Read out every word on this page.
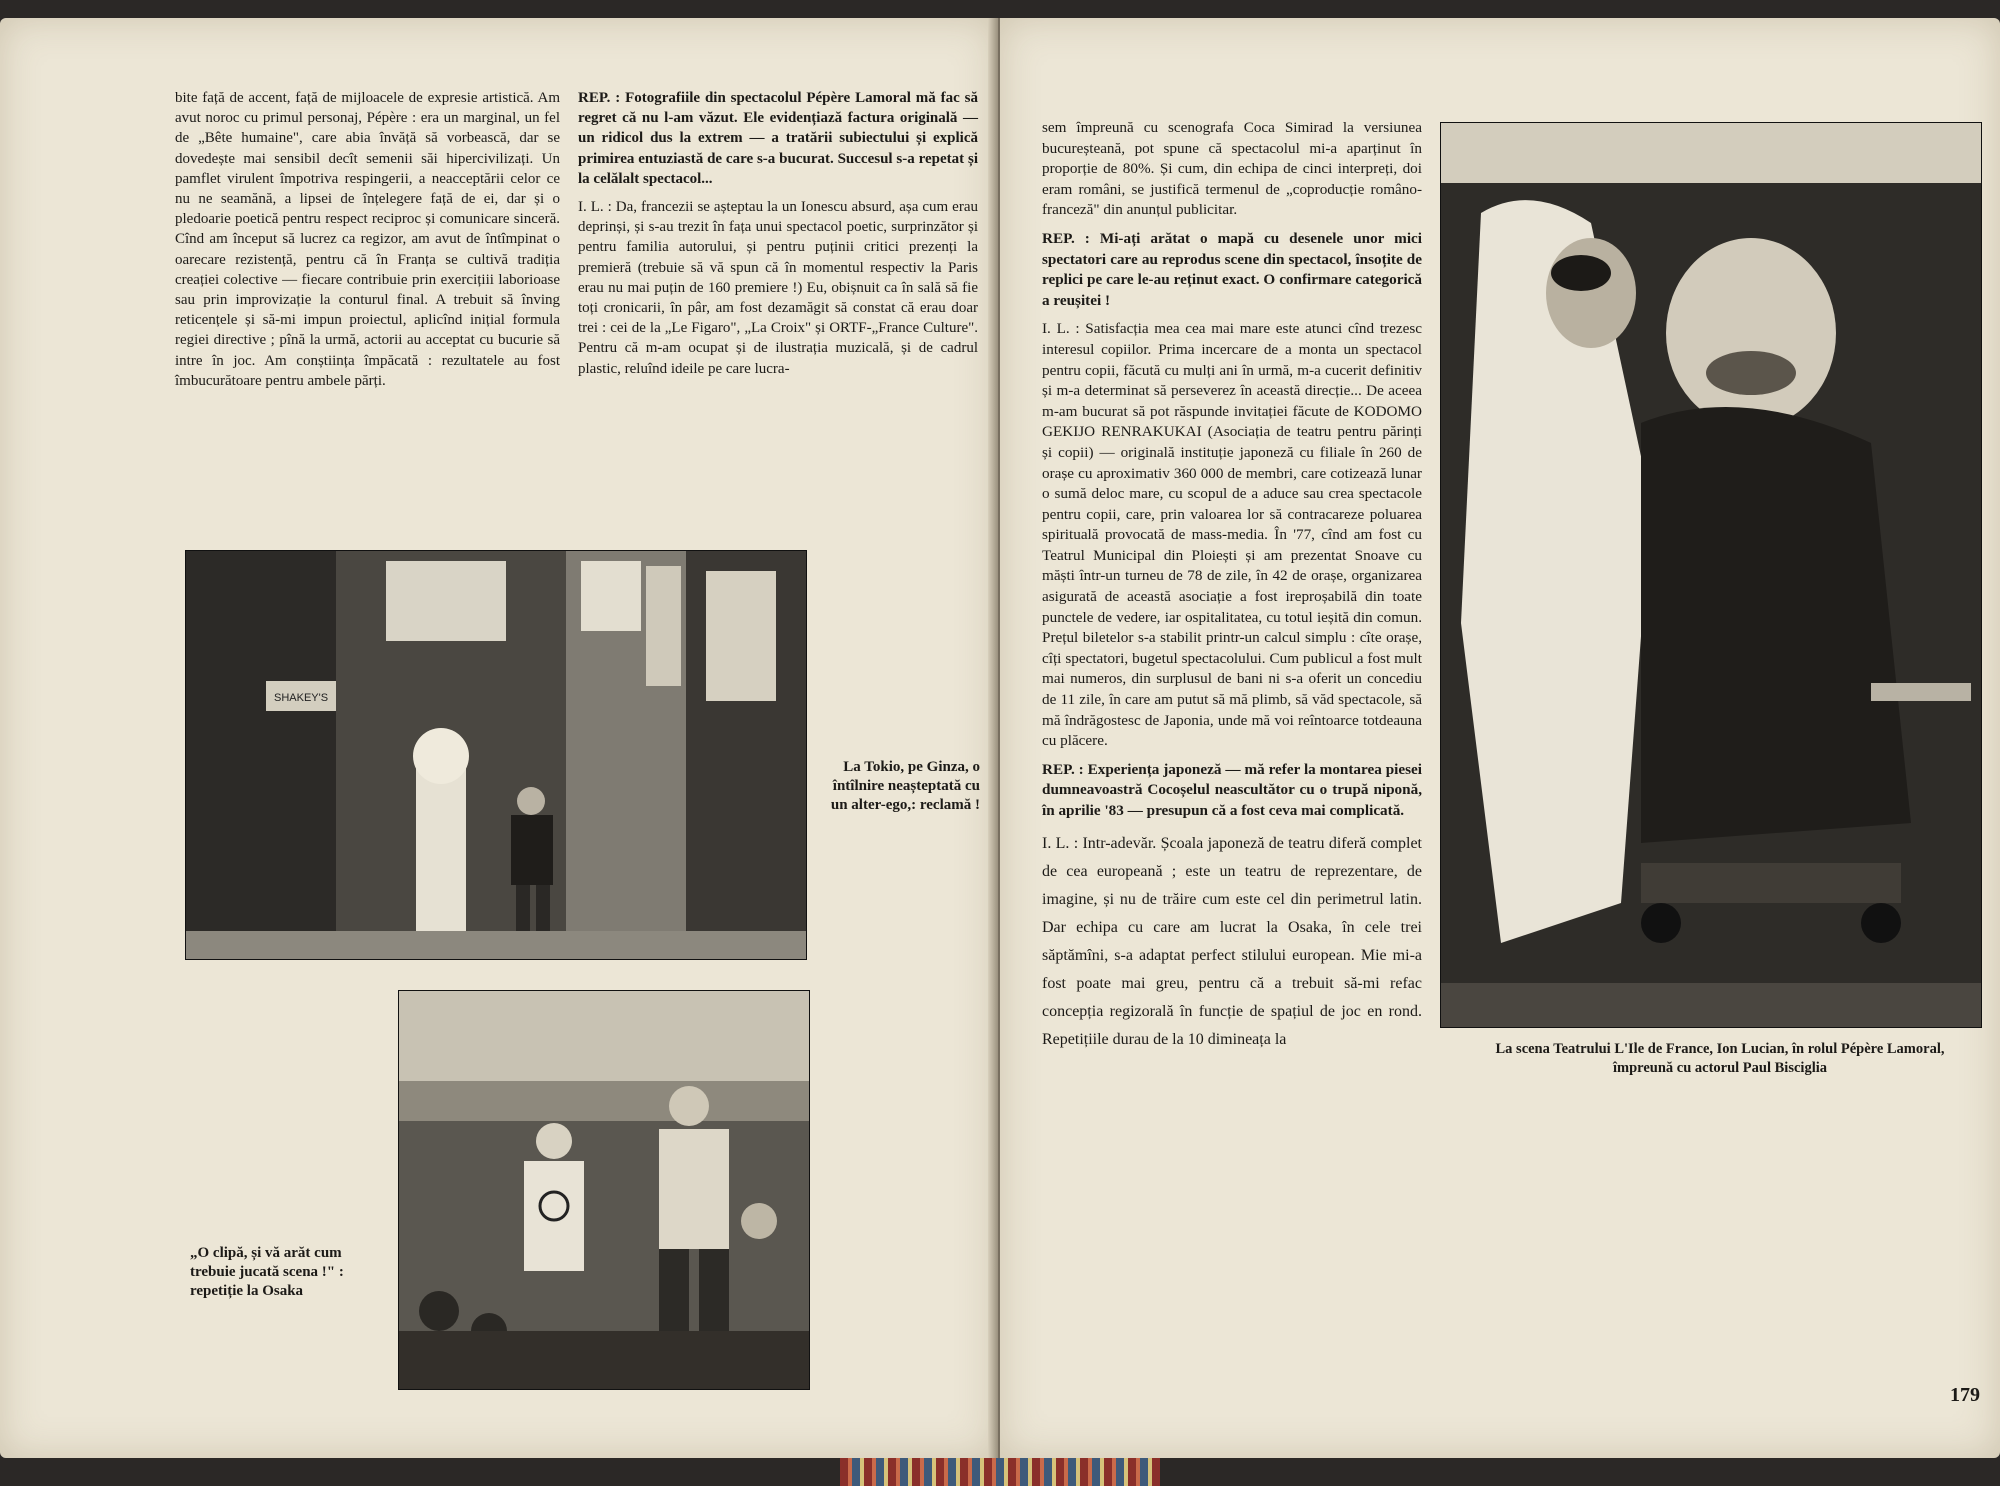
bite față de accent, față de mijloacele de expresie artistică. Am avut noroc cu primul personaj, Pépère : era un marginal, un fel de „Bête humaine", care abia învăță să vorbească, dar se dovedește mai sensibil decît semenii săi hipercivilizați. Un pamflet virulent împotriva respingerii, a neacceptării celor ce nu ne seamănă, a lipsei de înțelegere față de ei, dar și o pledoarie poetică pentru respect reciproc și comunicare sinceră. Cînd am început să lucrez ca regizor, am avut de întîmpinat o oarecare rezistență, pentru că în Franța se cultivă tradiția creației colective — fiecare contribuie prin exercițiii laborioase sau prin improvizație la conturul final. A trebuit să înving reticențele și să-mi impun proiectul, aplicînd inițial formula regiei directive ; pînă la urmă, actorii au acceptat cu bucurie să intre în joc. Am conștiința împăcată : rezultatele au fost îmbucurătoare pentru ambele părți.

REP. : Fotografiile din spectacolul Pépère Lamoral mă fac să regret că nu l-am văzut. Ele evidențiază factura originală — un ridicol dus la extrem — a tratării subiectului și explică primirea entuziastă de care s-a bucurat. Succesul s-a repetat și la celălalt spectacol...

I. L. : Da, francezii se așteptau la un Ionescu absurd, așa cum erau deprinși, și s-au trezit în fața unui spectacol poetic, surprinzător și pentru familia autorului, și pentru puținii critici prezenți la premieră (trebuie să vă spun că în momentul respectiv la Paris erau nu mai puțin de 160 premiere !) Eu, obișnuit ca în sală să fie toți cronicarii, în pâr, am fost dezamăgit să constat că erau doar trei : cei de la „Le Figaro", „La Croix" și ORTF-„France Culture". Pentru că m-am ocupat și de ilustrația muzicală, și de cadrul plastic, reluînd ideile pe care lucra-

SHAKEY'S
La Tokio, pe Ginza, o întîlnire neașteptată cu un alter-ego,: reclamă !
„O clipă, și vă arăt cum trebuie jucată scena !" : repetiție la Osaka

sem împreună cu scenografa Coca Simirad la versiunea bucureșteană, pot spune că spectacolul mi-a aparținut în proporție de 80%. Și cum, din echipa de cinci interpreți, doi eram români, se justifică termenul de „coproducție româno-franceză" din anunțul publicitar.

REP. : Mi-ați arătat o mapă cu desenele unor mici spectatori care au reprodus scene din spectacol, însoțite de replici pe care le-au reținut exact. O confirmare categorică a reușitei !

I. L. : Satisfacția mea cea mai mare este atunci cînd trezesc interesul copiilor. Prima incercare de a monta un spectacol pentru copii, făcută cu mulți ani în urmă, m-a cucerit definitiv și m-a determinat să perseverez în această direcție... De aceea m-am bucurat să pot răspunde invitației făcute de KODOMO GEKIJO RENRAKUKAI (Asociația de teatru pentru părinți și copii) — originală instituție japoneză cu filiale în 260 de orașe cu aproximativ 360 000 de membri, care cotizează lunar o sumă deloc mare, cu scopul de a aduce sau crea spectacole pentru copii, care, prin valoarea lor să contracareze poluarea spirituală provocată de mass-media. În '77, cînd am fost cu Teatrul Municipal din Ploiești și am prezentat Snoave cu măști într-un turneu de 78 de zile, în 42 de orașe, organizarea asigurată de această asociație a fost ireproșabilă din toate punctele de vedere, iar ospitalitatea, cu totul ieșită din comun. Prețul biletelor s-a stabilit printr-un calcul simplu : cîte orașe, cîți spectatori, bugetul spectacolului. Cum publicul a fost mult mai numeros, din surplusul de bani ni s-a oferit un concediu de 11 zile, în care am putut să mă plimb, să văd spectacole, să mă îndrăgostesc de Japonia, unde mă voi reîntoarce totdeauna cu plăcere.

REP. : Experiența japoneză — mă refer la montarea piesei dumneavoastră Cocoșelul neascultător cu o trupă niponă, în aprilie '83 — presupun că a fost ceva mai complicată.

I. L. : Intr-adevăr. Școala japoneză de teatru diferă complet de cea europeană ; este un teatru de reprezentare, de imagine, și nu de trăire cum este cel din perimetrul latin. Dar echipa cu care am lucrat la Osaka, în cele trei săptămîni, s-a adaptat perfect stilului european. Mie mi-a fost poate mai greu, pentru că a trebuit să-mi refac concepția regizorală în funcție de spațiul de joc en rond. Repetițiile durau de la 10 dimineața la

La scena Teatrului L'Ile de France, Ion Lucian, în rolul Pépère Lamoral, împreună cu actorul Paul Bisciglia
179
